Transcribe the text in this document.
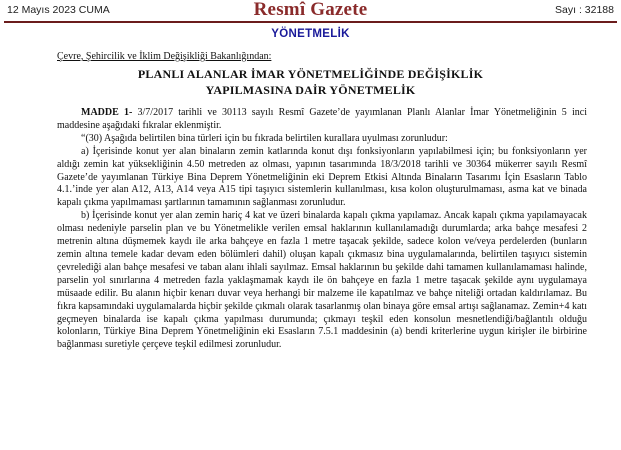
12 Mayıs 2023 CUMA	Resmî Gazete	Sayı : 32188
YÖNETMELİK
Çevre, Şehircilik ve İklim Değişikliği Bakanlığından:
PLANLI ALANLAR İMAR YÖNETMELİĞİNDE DEĞİŞİKLİK
YAPILMASINA DAİR YÖNETMELİK

MADDE 1- 3/7/2017 tarihli ve 30113 sayılı Resmî Gazete’de yayımlanan Planlı Alanlar İmar Yönetmeliğinin 5 inci maddesine aşağıdaki fıkralar eklenmiştir.

“(30) Aşağıda belirtilen bina türleri için bu fıkrada belirtilen kurallara uyulması zorunludur:

a) İçerisinde konut yer alan binaların zemin katlarında konut dışı fonksiyonların yapılabilmesi için; bu fonksiyonların yer aldığı zemin kat yüksekliğinin 4.50 metreden az olması, yapının tasarımında 18/3/2018 tarihli ve 30364 mükerrer sayılı Resmî Gazete’de yayımlanan Türkiye Bina Deprem Yönetmeliğinin eki Deprem Etkisi Altında Binaların Tasarımı İçin Esasların Tablo 4.1.’inde yer alan A12, A13, A14 veya A15 tipi taşıyıcı sistemlerin kullanılması, kısa kolon oluşturulmaması, asma kat ve binada kapalı çıkma yapılmaması şartlarının tamamının sağlanması zorunludur.

b) İçerisinde konut yer alan zemin hariç 4 kat ve üzeri binalarda kapalı çıkma yapılamaz. Ancak kapalı çıkma yapılamayacak olması nedeniyle parselin plan ve bu Yönetmelikle verilen emsal haklarının kullanılamadığı durumlarda; arka bahçe mesafesi 2 metrenin altına düşmemek kaydı ile arka bahçeye en fazla 1 metre taşacak şekilde, sadece kolon ve/veya perdelerden (bunların zemin altına temele kadar devam eden bölümleri dahil) oluşan kapalı çıkmasız bina uygulamalarında, belirtilen taşıyıcı sistemin çevrelediği alan bahçe mesafesi ve taban alanı ihlali sayılmaz. Emsal haklarının bu şekilde dahi tamamen kullanılamaması halinde, parselin yol sınırlarına 4 metreden fazla yaklaşmamak kaydı ile ön bahçeye en fazla 1 metre taşacak şekilde aynı uygulamaya müsaade edilir. Bu alanın hiçbir kenarı duvar veya herhangi bir malzeme ile kapatılmaz ve bahçe niteliği ortadan kaldırılamaz. Bu fıkra kapsamındaki uygulamalarda hiçbir şekilde çıkmalı olarak tasarlanmış olan binaya göre emsal artışı sağlanamaz. Zemin+4 katı geçmeyen binalarda ise kapalı çıkma yapılması durumunda; çıkmayı teşkil eden konsolun mesnetlendiği/bağlantılı olduğu kolonların, Türkiye Bina Deprem Yönetmeliğinin eki Esasların 7.5.1 maddesinin (a) bendi kriterlerine uygun kirişler ile birbirine bağlanması suretiyle çerçeve teşkil edilmesi zorunludur.
